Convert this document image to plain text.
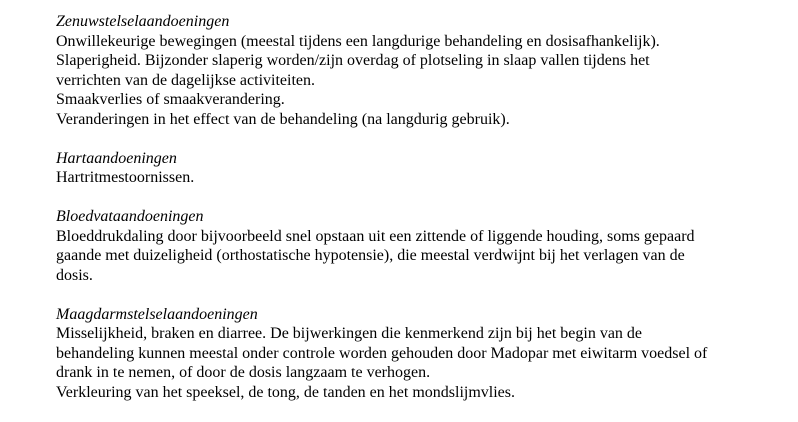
Zenuwstelselaandoeningen
Onwillekeurige bewegingen (meestal tijdens een langdurige behandeling en dosisafhankelijk).
Slaperigheid. Bijzonder slaperig worden/zijn overdag of plotseling in slaap vallen tijdens het
verrichten van de dagelijkse activiteiten.
Smaakverlies of smaakverandering.
Veranderingen in het effect van de behandeling (na langdurig gebruik).
Hartaandoeningen
Hartritmestoornissen.
Bloedvataandoeningen
Bloeddrukdaling door bijvoorbeeld snel opstaan uit een zittende of liggende houding, soms gepaard
gaande met duizeligheid (orthostatische hypotensie), die meestal verdwijnt bij het verlagen van de
dosis.
Maagdarmstelselaandoeningen
Misselijkheid, braken en diarree. De bijwerkingen die kenmerkend zijn bij het begin van de
behandeling kunnen meestal onder controle worden gehouden door Madopar met eiwitarm voedsel of
drank in te nemen, of door de dosis langzaam te verhogen.
Verkleuring van het speeksel, de tong, de tanden en het mondslijmvlies.
